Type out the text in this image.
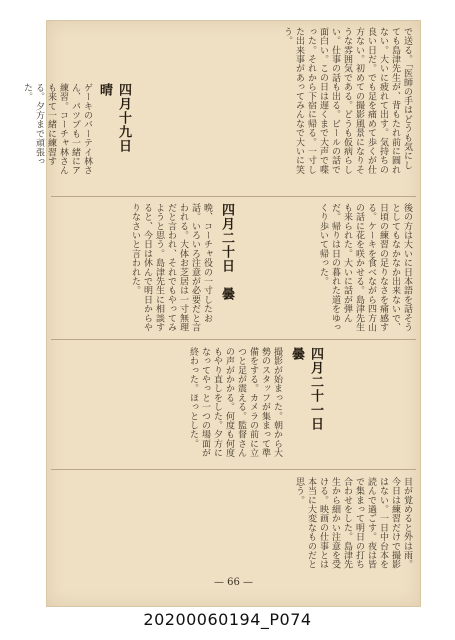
で送る。「医師の手はどうも気にしても島津先生が、背もたれ前に圓れない。大いに疲れて出す。気持ちの良い日だ。でも足を痛めて歩くが仕方ない。初めての撮影風景になりそうな雰囲気である。どうも仮病らしい。仕事の話も出る。ビールの話で面白い。この日は遅くまで大声で喋った。それから下宿に帰る。一寸した出来事があってみんなで大いに笑う。
四月十九日　晴
ゲーキのバーテイ林さん、パツプも一緒にア練習。コーチャ林さんも来て一緒に練習する。夕方まで頑張った。
後の方は大いに日本語を話そうとしてもなかなか出来ないで、日頃の練習の足りなさを痛感する。ケーキを食べながら四方山の話に花を咲かせる。島津先生も来られた。大いに話が弾んだ。帰りは日の暮れた道をゆっくり歩いて帰った。
四月二十日　曇
晩、コーチャ役の一寸したお話。いろいろ注意が必要だと言われる。大体お芝居は一寸無理だと言われ、それでもやってみようと思う。島津先生に相談すると、今日は休んで明日からやりなさいと言われた。
四月二十一日　曇
撮影が始まった。朝から大勢のスタッフが集まって準備をする。カメラの前に立つと足が震える。監督さんの声がかかる。何度も何度もやり直しをした。夕方になってやっと一つの場面が終わった。ほっとした。
目が覚めると外は雨。今日は練習だけで撮影はない。一日中台本を読んで過ごす。夜は皆で集まって明日の打ち合わせをした。島津先生から細かい注意を受ける。映画の仕事とは本当に大変なものだと思う。
— 66 —
20200060194_P074
